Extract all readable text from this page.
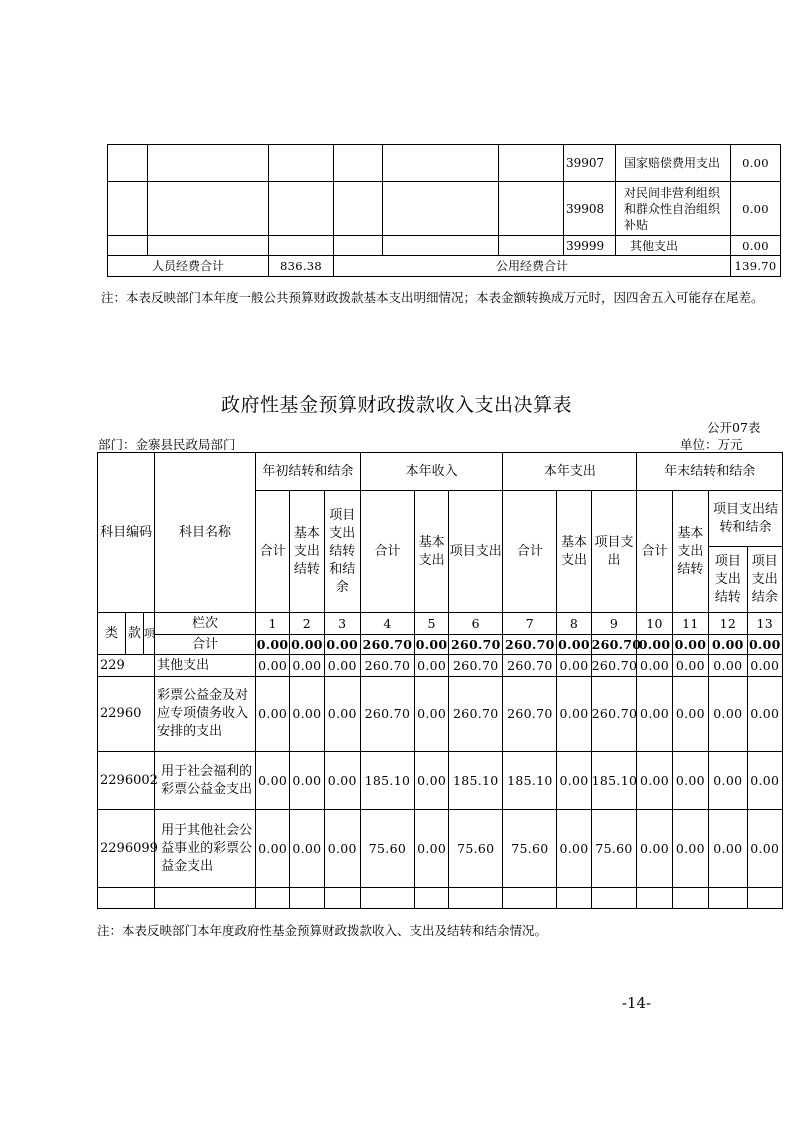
						39907	国家赔偿费用支出	0.00
						39908	对民间非营利组织和群众性自治组织补贴	0.00
						39999	其他支出	0.00
人员经费合计		836.38	公用经费合计					139.70
注：本表反映部门本年度一般公共预算财政拨款基本支出明细情况；本表金额转换成万元时，因四舍五入可能存在尾差。
政府性基金预算财政拨款收入支出决算表
公开07表
部门：金寨县民政局部门	单位：万元
科目编码			科目名称	年初结转和结余			本年收入			本年支出			年末结转和结余			
				合计	基本支出结转	项目支出结转和结余	合计	基本支出	项目支出	合计	基本支出	项目支出	合计	基本支出结转	项目支出结转和结余	
															项目支出结转	项目支出结余
类	款	项	栏次	1	2	3	4	5	6	7	8	9	10	11	12	13
			合计	0.00	0.00	0.00	260.70	0.00	260.70	260.70	0.00	260.70	0.00	0.00	0.00	0.00
229			其他支出	0.00	0.00	0.00	260.70	0.00	260.70	260.70	0.00	260.70	0.00	0.00	0.00	0.00
22960			彩票公益金及对应专项债务收入安排的支出	0.00	0.00	0.00	260.70	0.00	260.70	260.70	0.00	260.70	0.00	0.00	0.00	0.00
2296002			用于社会福利的彩票公益金支出	0.00	0.00	0.00	185.10	0.00	185.10	185.10	0.00	185.10	0.00	0.00	0.00	0.00
2296099			用于其他社会公益事业的彩票公益金支出	0.00	0.00	0.00	75.60	0.00	75.60	75.60	0.00	75.60	0.00	0.00	0.00	0.00

注：本表反映部门本年度政府性基金预算财政拨款收入、支出及结转和结余情况。
-14-
